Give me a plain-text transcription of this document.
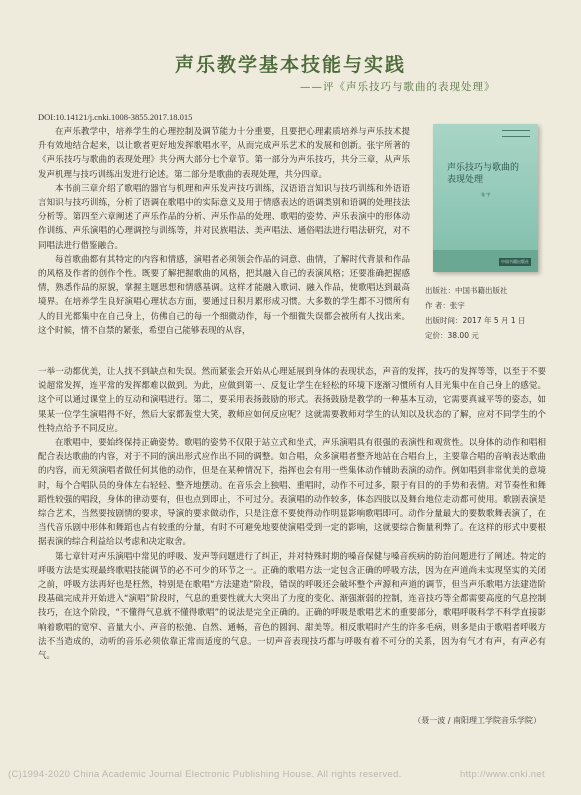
声乐教学基本技能与实践
——评《声乐技巧与歌曲的表现处理》
DOI:10.14121/j.cnki.1008-3855.2017.18.015

在声乐教学中，培养学生的心理控制及调节能力十分重要，且要把心理素质培养与声乐技术提升有效地结合起来，以让歌者更好地发挥歌唱水平，从而完成声乐艺术的发展和创新。张宇所著的《声乐技巧与歌曲的表现处理》共分两大部分七个章节。第一部分为声乐技巧，共分三章，从声乐发声机理与技巧训练出发进行论述。第二部分是歌曲的表现处理，共分四章。

本书前三章介绍了歌唱的器官与机理和声乐发声技巧训练，汉语语言知识与技巧训练和外语语言知识与技巧训练，分析了语调在歌唱中的实际意义及用于情感表达的语调类别和语调的处理技法分析等。第四至六章阐述了声乐作品的分析、声乐作品的处理、歌唱的姿势、声乐表演中的形体动作训练、声乐演唱的心理调控与训练等，并对民族唱法、美声唱法、通俗唱法进行唱法研究，对不同唱法进行借鉴融合。

每首歌曲都有其特定的内容和情感，演唱者必须领会作品的词意、曲情，了解时代背景和作品的风格及作者的创作个性。既要了解把握歌曲的风格，把其融入自己的表演风格；还要准确把握感情，熟悉作品的原貌，掌握主题思想和情感基调。这样才能融入歌词、融入作品，使歌唱达到最高境界。在培养学生良好演唱心理状态方面，要通过日积月累形成习惯。大多数的学生都不习惯所有人的目光都集中在自己身上，仿佛自己的每一个细微动作，每一个细微失误都会被所有人找出来。这个时候，情不自禁的紧张，希望自己能够表现的从容，

声乐技巧与歌曲的
表现处理
张 宇
中国书籍出版社
出版社：中国书籍出版社
作 者：张宇
出版时间：2017 年 5 月 1 日
定价：38.00 元

一举一动都优美，让人找不到缺点和失误。然而紧张会开始从心理延展到身体的表现状态，声音的发挥，技巧的发挥等等，以至于不要说超常发挥，连平常的发挥都难以做到。为此，应做到第一、反复让学生在轻松的环境下逐渐习惯所有人目光集中在自己身上的感觉。这个可以通过课堂上的互动和演唱进行。第二，要采用表扬鼓励的形式。表扬鼓励是教学的一种基本互动，它需要真诚平等的姿态，如果某一位学生演唱得不好，然后大家都轰堂大笑，教师应如何反应呢？这就需要教师对学生的认知以及状态的了解，应对不同学生的个性特点给予不同反应。

在歌唱中，要始终保持正确姿势。歌唱的姿势不仅限于站立式和坐式，声乐演唱具有很强的表演性和观赏性。以身体的动作和唱相配合表达歌曲的内容，对于不同的演出形式应作出不同的调整。如合唱，众多演唱者整齐地站在合唱台上，主要靠合唱的音响表达歌曲的内容，而无须演唱者做任何其他的动作，但是在某种情况下，指挥也会有用一些集体动作辅助表演的动作。例如唱到非常优美的意境时，每个合唱队员的身体左右轻轻、整齐地摆动。在音乐会上独唱、重唱时，动作不可过多，限于有目的的手势和表情。对节奏性和舞蹈性较强的唱段，身体的律动要有，但也点到即止，不可过分。表演唱的动作较多，体态四肢以及舞台地位走动都可使用。歌剧表演是综合艺术，当然要按剧情的要求，导演的要求做动作，只是注意不要使得动作明显影响歌唱即可。动作分量最大的要数歌舞表演了，在当代音乐剧中形体和舞蹈也占有较重的分量，有时不可避免地要使演唱受到一定的影响，这就要综合衡量利弊了。在这样的形式中要根据表演的综合利益给以考虑和决定取舍。

第七章针对声乐演唱中常见的呼吸、发声等问题进行了纠正，并对特殊时期的嗓音保健与嗓音疾病的防治问题进行了阐述。特定的呼吸方法是实现最终歌唱技能调节的必不可少的环节之一。正确的歌唱方法一定包含正确的呼吸方法，因为在声道尚未实现坚实的关闭之前，呼吸方法再好也是枉然，特别是在歌唱“方法建造”阶段，错误的呼吸还会破坏整个声源和声道的调节，但当声乐歌唱方法建造阶段基础完成并开始进入“演唱”阶段时，气息的重要性就大大突出了力度的变化、渐强渐弱的控制，连音技巧等全都需要高度的气息控制技巧，在这个阶段，“不懂得气息就不懂得歌唱”的说法是完全正确的。正确的呼吸是歌唱艺术的重要部分，歌唱呼吸科学不科学直接影响着歌唱的宽窄、音量大小、声音的松弛、自然、通畅，音色的圆润、甜美等。相反歌唱时产生的许多毛病，则多是由于歌唱者呼吸方法不当造成的，动听的音乐必须依靠正常而适度的气息。一切声音表现技巧都与呼吸有着不可分的关系，因为有气才有声，有声必有气。

（聂一波 / 南阳理工学院音乐学院）
(C)1994-2020 China Academic Journal Electronic Publishing House. All rights reserved.	http://www.cnki.net
